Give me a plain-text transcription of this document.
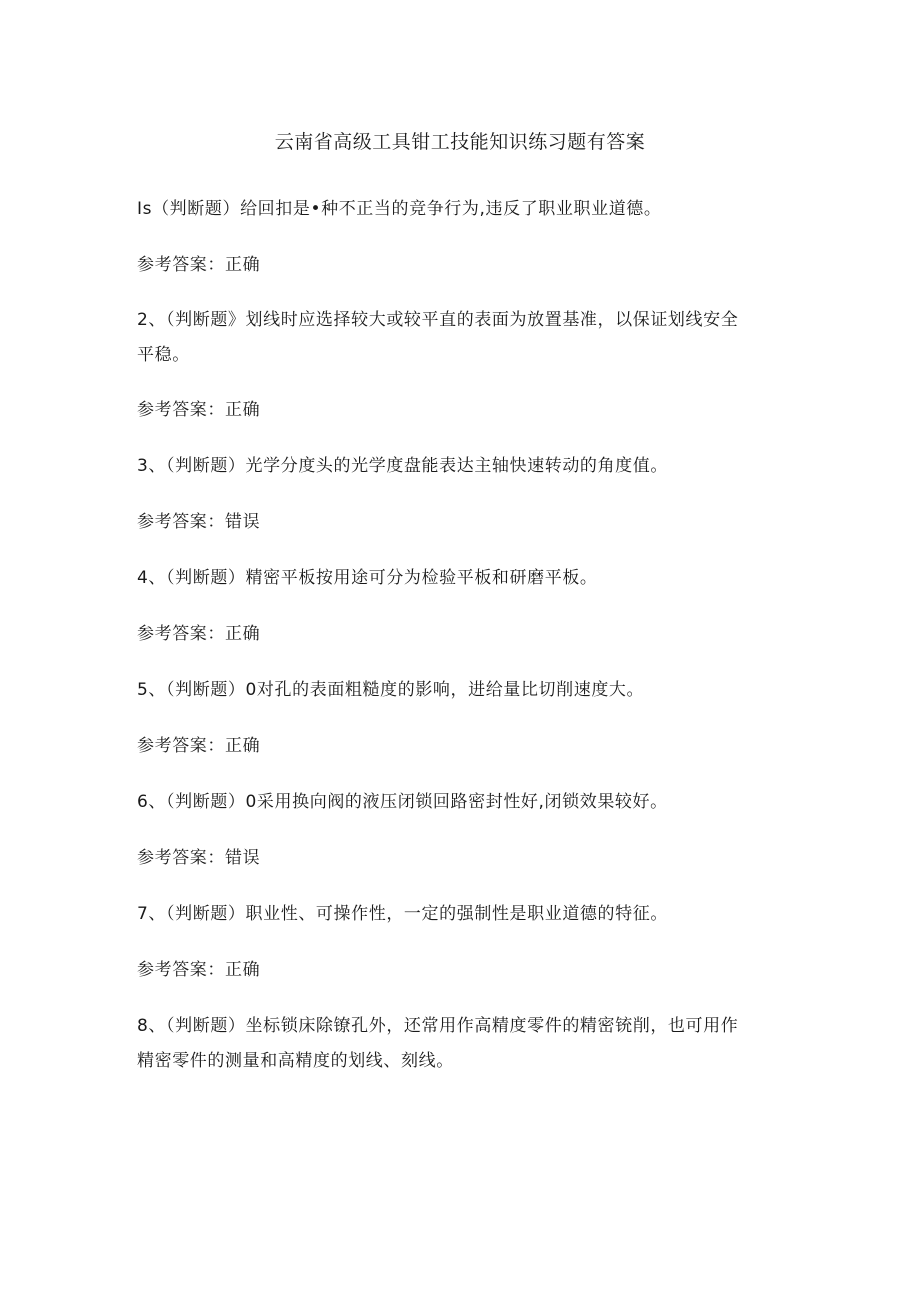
云南省高级工具钳工技能知识练习题有答案
Is（判断题）给回扣是•种不正当的竞争行为,违反了职业职业道德。
参考答案：正确
2、（判断题》划线时应选择较大或较平直的表面为放置基准，以保证划线安全
平稳。
参考答案：正确
3、（判断题）光学分度头的光学度盘能表达主轴快速转动的角度值。
参考答案：错误
4、（判断题）精密平板按用途可分为检验平板和研磨平板。
参考答案：正确
5、（判断题）0对孔的表面粗糙度的影响，进给量比切削速度大。
参考答案：正确
6、（判断题）0采用换向阀的液压闭锁回路密封性好,闭锁效果较好。
参考答案：错误
7、（判断题）职业性、可操作性，一定的强制性是职业道德的特征。
参考答案：正确
8、（判断题）坐标锁床除镣孔外，还常用作高精度零件的精密铳削，也可用作
精密零件的测量和高精度的划线、刻线。
